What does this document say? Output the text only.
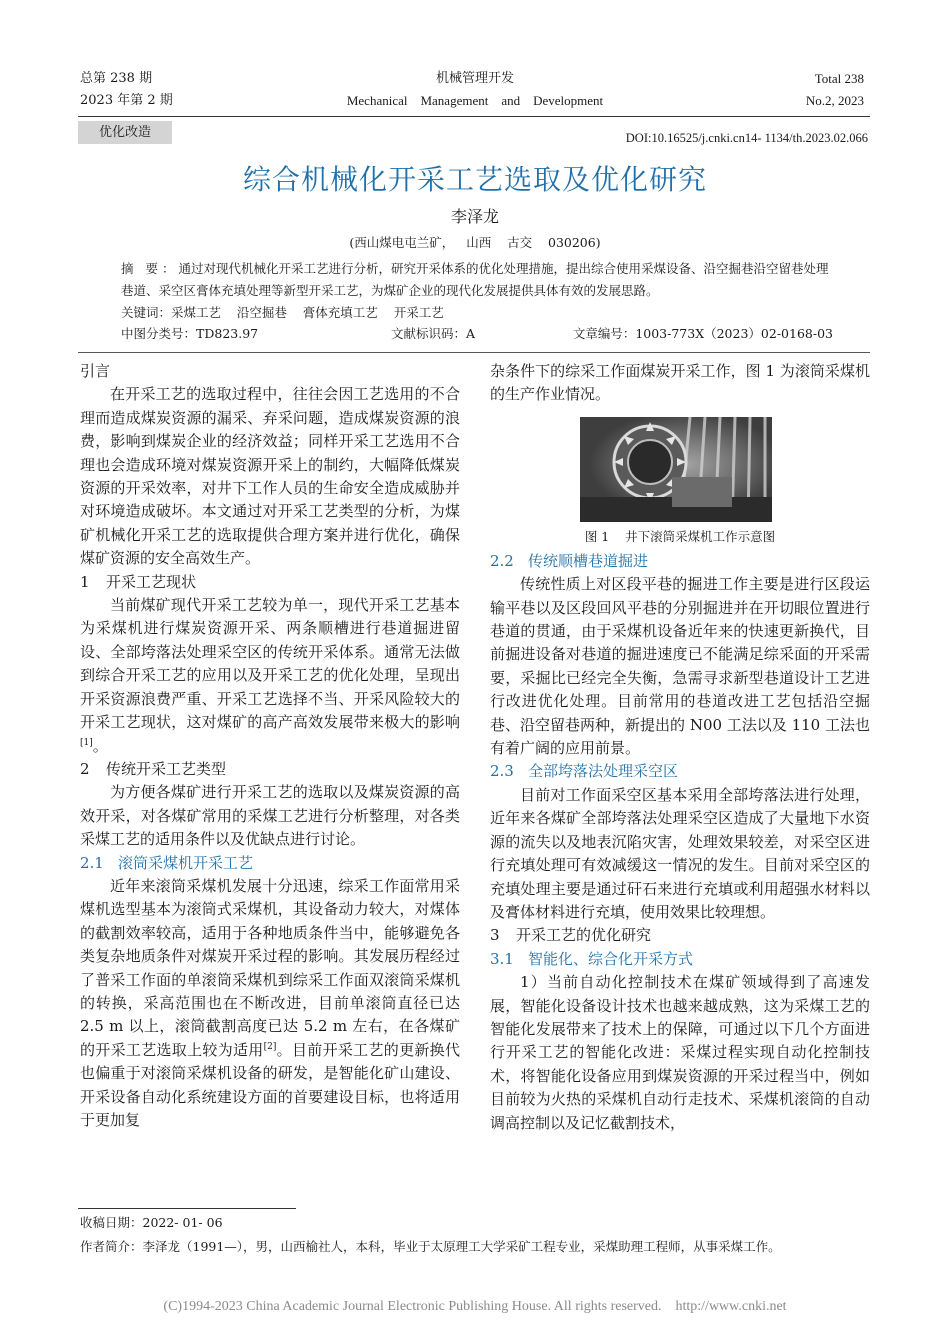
总第 238 期
2023 年第 2 期
机械管理开发
Mechanical    Management    and    Development
Total 238
No.2, 2023
优化改造	DOI:10.16525/j.cnki.cn14- 1134/th.2023.02.066
综合机械化开采工艺选取及优化研究
李泽龙
(西山煤电屯兰矿，   山西    古交    030206)
摘 要：通过对现代机械化开采工艺进行分析，研究开采体系的优化处理措施，提出综合使用采煤设备、沿空掘巷沿空留巷处理巷道、采空区膏体充填处理等新型开采工艺，为煤矿企业的现代化发展提供具体有效的发展思路。
关键词：采煤工艺    沿空掘巷    膏体充填工艺    开采工艺
中图分类号：TD823.97	文献标识码：A	文章编号：1003-773X（2023）02-0168-03
引言

在开采工艺的选取过程中，往往会因工艺选用的不合理而造成煤炭资源的漏采、弃采问题，造成煤炭资源的浪费，影响到煤炭企业的经济效益；同样开采工艺选用不合理也会造成环境对煤炭资源开采上的制约，大幅降低煤炭资源的开采效率，对井下工作人员的生命安全造成威胁并对环境造成破坏。本文通过对开采工艺类型的分析，为煤矿机械化开采工艺的选取提供合理方案并进行优化，确保煤矿资源的安全高效生产。

1 开采工艺现状

当前煤矿现代开采工艺较为单一，现代开采工艺基本为采煤机进行煤炭资源开采、两条顺槽进行巷道掘进留设、全部垮落法处理采空区的传统开采体系。通常无法做到综合开采工艺的应用以及开采工艺的优化处理，呈现出开采资源浪费严重、开采工艺选择不当、开采风险较大的开采工艺现状，这对煤矿的高产高效发展带来极大的影响[1]。

2 传统开采工艺类型

为方便各煤矿进行开采工艺的选取以及煤炭资源的高效开采，对各煤矿常用的采煤工艺进行分析整理，对各类采煤工艺的适用条件以及优缺点进行讨论。

2.1 滚筒采煤机开采工艺

近年来滚筒采煤机发展十分迅速，综采工作面常用采煤机选型基本为滚筒式采煤机，其设备动力较大，对煤体的截割效率较高，适用于各种地质条件当中，能够避免各类复杂地质条件对煤炭开采过程的影响。其发展历程经过了普采工作面的单滚筒采煤机到综采工作面双滚筒采煤机的转换，采高范围也在不断改进，目前单滚筒直径已达 2.5 m 以上，滚筒截割高度已达 5.2 m 左右，在各煤矿的开采工艺选取上较为适用[2]。目前开采工艺的更新换代也偏重于对滚筒采煤机设备的研发，是智能化矿山建设、开采设备自动化系统建设方面的首要建设目标，也将适用于更加复

杂条件下的综采工作面煤炭开采工作，图 1 为滚筒采煤机的生产作业情况。

图 1    井下滚筒采煤机工作示意图
2.2 传统顺槽巷道掘进

传统性质上对区段平巷的掘进工作主要是进行区段运输平巷以及区段回风平巷的分别掘进并在开切眼位置进行巷道的贯通，由于采煤机设备近年来的快速更新换代，目前掘进设备对巷道的掘进速度已不能满足综采面的开采需要，采掘比已经完全失衡，急需寻求新型巷道设计工艺进行改进优化处理。目前常用的巷道改进工艺包括沿空掘巷、沿空留巷两种，新提出的 N00 工法以及 110 工法也有着广阔的应用前景。

2.3 全部垮落法处理采空区

目前对工作面采空区基本采用全部垮落法进行处理，近年来各煤矿全部垮落法处理采空区造成了大量地下水资源的流失以及地表沉陷灾害，处理效果较差，对采空区进行充填处理可有效减缓这一情况的发生。目前对采空区的充填处理主要是通过矸石来进行充填或利用超强水材料以及膏体材料进行充填，使用效果比较理想。

3 开采工艺的优化研究
3.1 智能化、综合化开采方式

1）当前自动化控制技术在煤矿领域得到了高速发展，智能化设备设计技术也越来越成熟，这为采煤工艺的智能化发展带来了技术上的保障，可通过以下几个方面进行开采工艺的智能化改进：采煤过程实现自动化控制技术，将智能化设备应用到煤炭资源的开采过程当中，例如目前较为火热的采煤机自动行走技术、采煤机滚筒的自动调高控制以及记忆截割技术，

收稿日期：2022- 01- 06
作者简介：李泽龙（1991—），男，山西榆社人，本科，毕业于太原理工大学采矿工程专业，采煤助理工程师，从事采煤工作。
(C)1994-2023 China Academic Journal Electronic Publishing House. All rights reserved.    http://www.cnki.net
